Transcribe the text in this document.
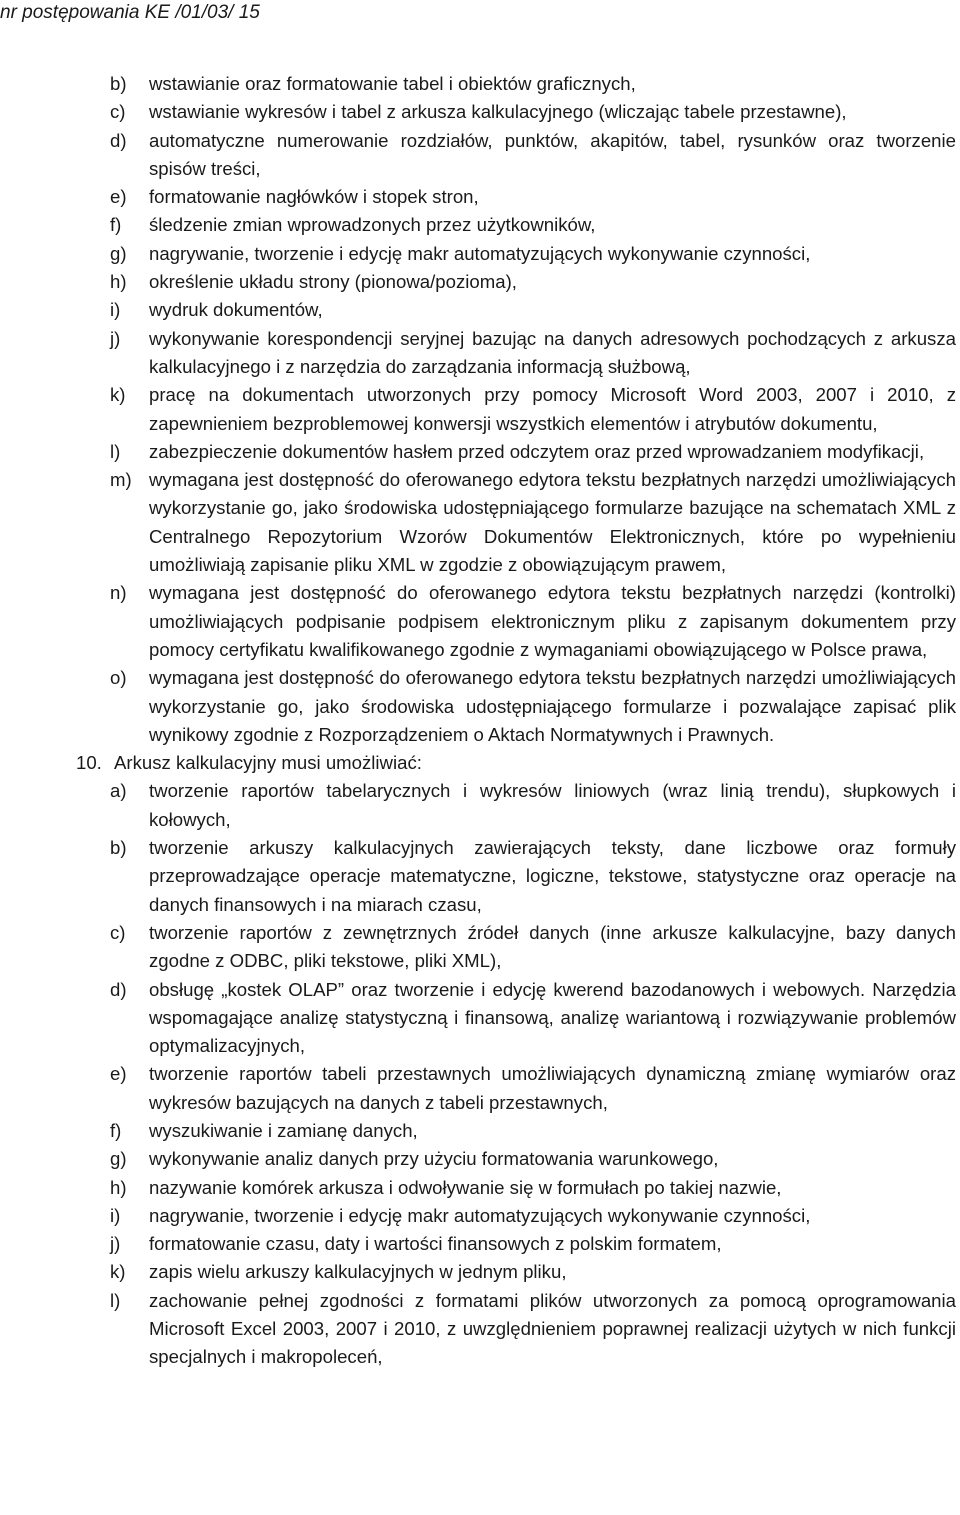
nr postępowania KE /01/03/ 15
b) wstawianie oraz formatowanie tabel i obiektów graficznych,
c) wstawianie wykresów i tabel z arkusza kalkulacyjnego (wliczając tabele przestawne),
d) automatyczne numerowanie rozdziałów, punktów, akapitów, tabel, rysunków oraz tworzenie spisów treści,
e) formatowanie nagłówków i stopek stron,
f) śledzenie zmian wprowadzonych przez użytkowników,
g) nagrywanie, tworzenie i edycję makr automatyzujących wykonywanie czynności,
h) określenie układu strony (pionowa/pozioma),
i) wydruk dokumentów,
j) wykonywanie korespondencji seryjnej bazując na danych adresowych pochodzących z arkusza kalkulacyjnego i z narzędzia do zarządzania informacją służbową,
k) pracę na dokumentach utworzonych przy pomocy Microsoft Word 2003, 2007 i 2010, z zapewnieniem bezproblemowej konwersji wszystkich elementów i atrybutów dokumentu,
l) zabezpieczenie dokumentów hasłem przed odczytem oraz przed wprowadzaniem modyfikacji,
m) wymagana jest dostępność do oferowanego edytora tekstu bezpłatnych narzędzi umożliwiających wykorzystanie go, jako środowiska udostępniającego formularze bazujące na schematach XML z Centralnego Repozytorium Wzorów Dokumentów Elektronicznych, które po wypełnieniu umożliwiają zapisanie pliku XML w zgodzie z obowiązującym prawem,
n) wymagana jest dostępność do oferowanego edytora tekstu bezpłatnych narzędzi (kontrolki) umożliwiających podpisanie podpisem elektronicznym pliku z zapisanym dokumentem przy pomocy certyfikatu kwalifikowanego zgodnie z wymaganiami obowiązującego w Polsce prawa,
o) wymagana jest dostępność do oferowanego edytora tekstu bezpłatnych narzędzi umożliwiających wykorzystanie go, jako środowiska udostępniającego formularze i pozwalające zapisać plik wynikowy zgodnie z Rozporządzeniem o Aktach Normatywnych i Prawnych.
10. Arkusz kalkulacyjny musi umożliwiać:
a) tworzenie raportów tabelarycznych i wykresów liniowych (wraz linią trendu), słupkowych i kołowych,
b) tworzenie arkuszy kalkulacyjnych zawierających teksty, dane liczbowe oraz formuły przeprowadzające operacje matematyczne, logiczne, tekstowe, statystyczne oraz operacje na danych finansowych i na miarach czasu,
c) tworzenie raportów z zewnętrznych źródeł danych (inne arkusze kalkulacyjne, bazy danych zgodne z ODBC, pliki tekstowe, pliki XML),
d) obsługę „kostek OLAP” oraz tworzenie i edycję kwerend bazodanowych i webowych. Narzędzia wspomagające analizę statystyczną i finansową, analizę wariantową i rozwiązywanie problemów optymalizacyjnych,
e) tworzenie raportów tabeli przestawnych umożliwiających dynamiczną zmianę wymiarów oraz wykresów bazujących na danych z tabeli przestawnych,
f) wyszukiwanie i zamianę danych,
g) wykonywanie analiz danych przy użyciu formatowania warunkowego,
h) nazywanie komórek arkusza i odwoływanie się w formułach po takiej nazwie,
i) nagrywanie, tworzenie i edycję makr automatyzujących wykonywanie czynności,
j) formatowanie czasu, daty i wartości finansowych z polskim formatem,
k) zapis wielu arkuszy kalkulacyjnych w jednym pliku,
l) zachowanie pełnej zgodności z formatami plików utworzonych za pomocą oprogramowania Microsoft Excel 2003, 2007 i 2010, z uwzględnieniem poprawnej realizacji użytych w nich funkcji specjalnych i makropoleceń,
